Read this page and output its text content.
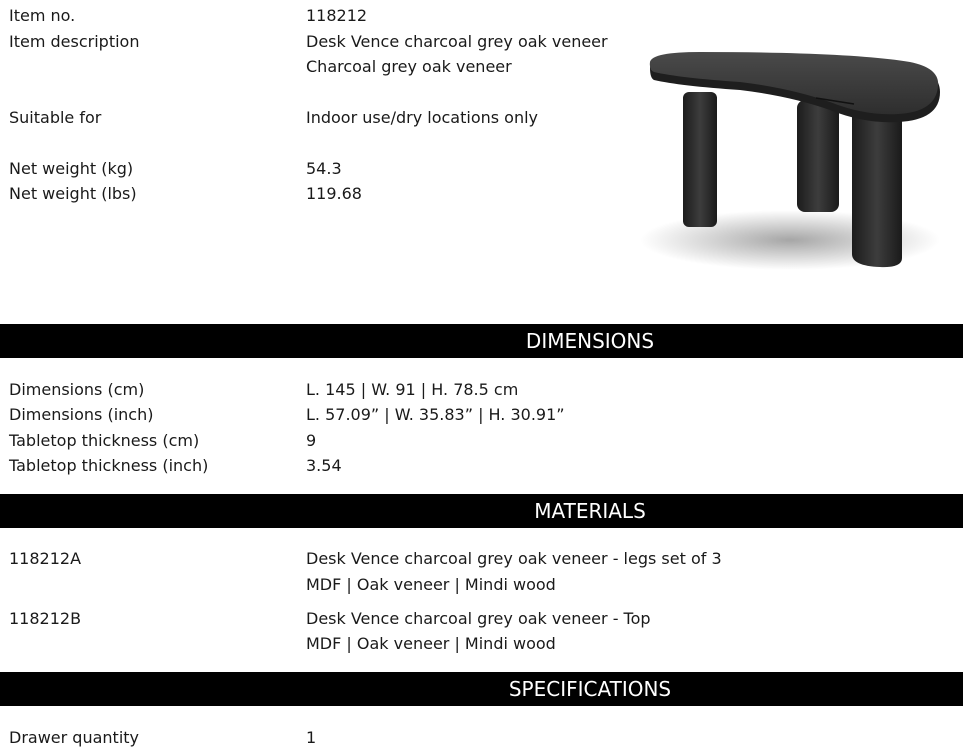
Item no.	118212
Item description	Desk Vence charcoal grey oak veneer
Charcoal grey oak veneer
Suitable for	Indoor use/dry locations only
Net weight (kg)	54.3
Net weight (lbs)	119.68
DIMENSIONS
Dimensions (cm)	L. 145 | W. 91 | H. 78.5 cm
Dimensions (inch)	L. 57.09” | W. 35.83” | H. 30.91”
Tabletop thickness (cm)	9
Tabletop thickness (inch)	3.54
MATERIALS
118212A	Desk Vence charcoal grey oak veneer - legs set of 3
MDF | Oak veneer | Mindi wood
118212B	Desk Vence charcoal grey oak veneer - Top
MDF | Oak veneer | Mindi wood
SPECIFICATIONS
Drawer quantity	1
